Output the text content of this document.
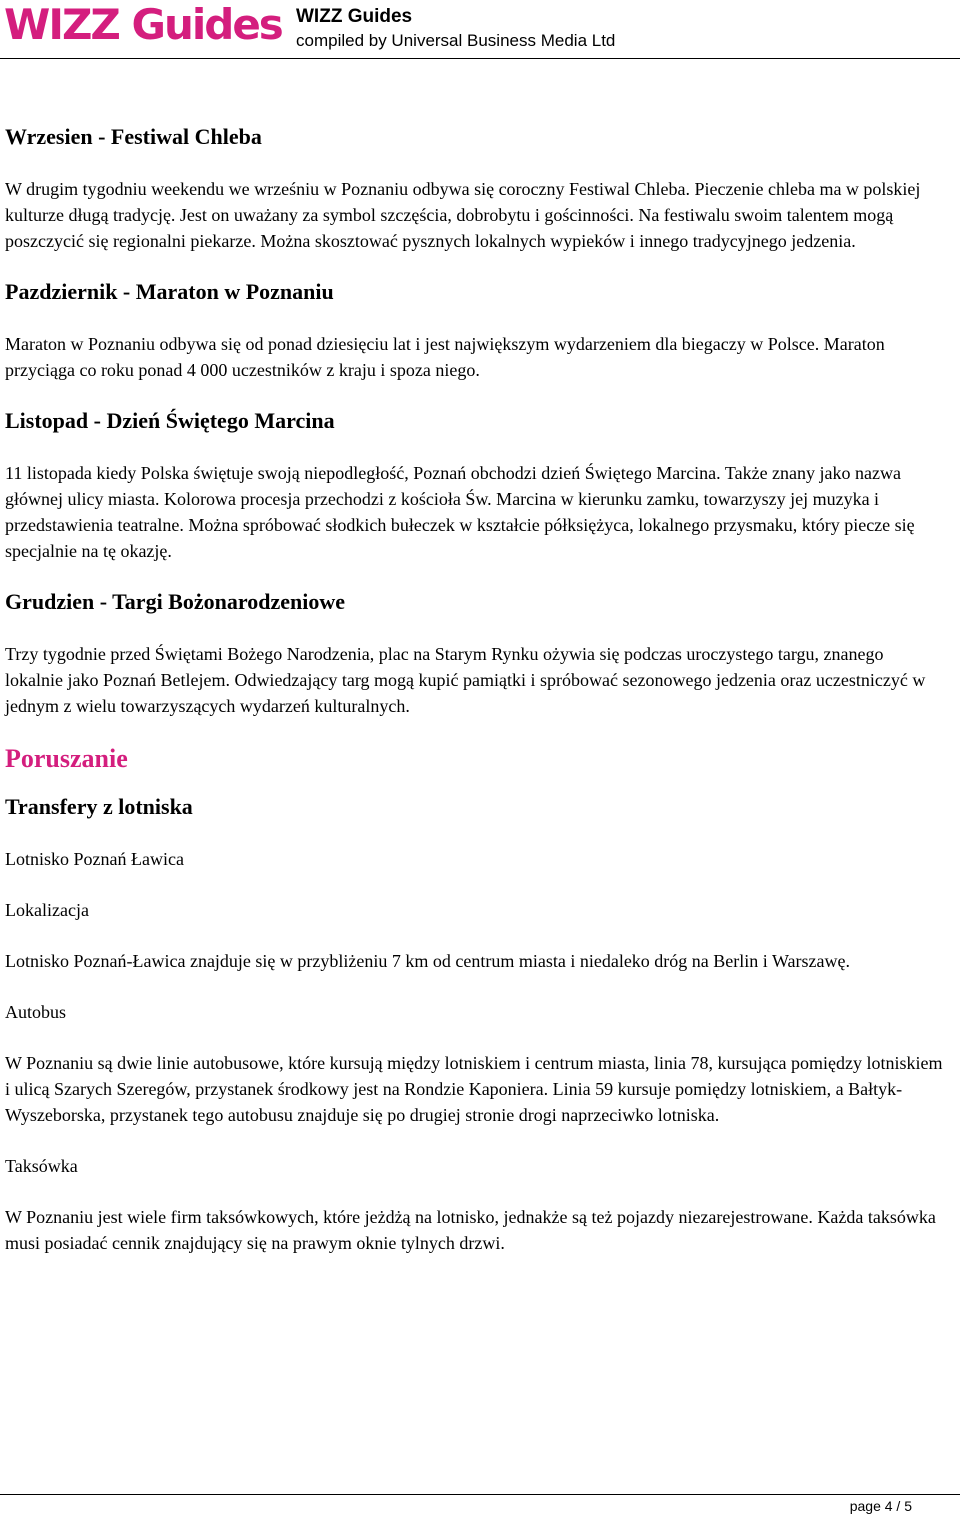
WIZZ Guides WIZZ Guides
compiled by Universal Business Media Ltd
Wrzesien - Festiwal Chleba

W drugim tygodniu weekendu we wrześniu w Poznaniu odbywa się coroczny Festiwal Chleba. Pieczenie chleba ma w polskiej kulturze długą tradycję. Jest on uważany za symbol szczęścia, dobrobytu i gościnności. Na festiwalu swoim talentem mogą poszczycić się regionalni piekarze. Można skosztować pysznych lokalnych wypieków i innego tradycyjnego jedzenia.

Pazdziernik - Maraton w Poznaniu

Maraton w Poznaniu odbywa się od ponad dziesięciu lat i jest największym wydarzeniem dla biegaczy w Polsce. Maraton przyciąga co roku ponad 4 000 uczestników z kraju i spoza niego.

Listopad - Dzień Świętego Marcina

11 listopada kiedy Polska świętuje swoją niepodległość, Poznań obchodzi dzień Świętego Marcina. Także znany jako nazwa głównej ulicy miasta. Kolorowa procesja przechodzi z kościoła Św. Marcina w kierunku zamku, towarzyszy jej muzyka i przedstawienia teatralne. Można spróbować słodkich bułeczek w kształcie półksiężyca, lokalnego przysmaku, który piecze się specjalnie na tę okazję.

Grudzien - Targi Bożonarodzeniowe

Trzy tygodnie przed Świętami Bożego Narodzenia, plac na Starym Rynku ożywia się podczas uroczystego targu, znanego lokalnie jako Poznań Betlejem. Odwiedzający targ mogą kupić pamiątki i spróbować sezonowego jedzenia oraz uczestniczyć w jednym z wielu towarzyszących wydarzeń kulturalnych.

Poruszanie
Transfery z lotniska

Lotnisko Poznań Ławica

Lokalizacja

Lotnisko Poznań-Ławica znajduje się w przybliżeniu 7 km od centrum miasta i niedaleko dróg na Berlin i Warszawę.

Autobus

W Poznaniu są dwie linie autobusowe, które kursują między lotniskiem i centrum miasta, linia 78, kursująca pomiędzy lotniskiem i ulicą Szarych Szeregów, przystanek środkowy jest na Rondzie Kaponiera. Linia 59 kursuje pomiędzy lotniskiem, a Bałtyk-Wyszeborska, przystanek tego autobusu znajduje się po drugiej stronie drogi naprzeciwko lotniska.

Taksówka

W Poznaniu jest wiele firm taksówkowych, które jeżdżą na lotnisko, jednakże są też pojazdy niezarejestrowane. Każda taksówka musi posiadać cennik znajdujący się na prawym oknie tylnych drzwi.

page 4 / 5
